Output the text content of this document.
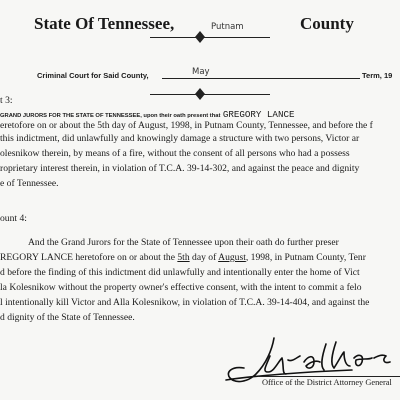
State Of Tennessee,	Putnam	County
May
Criminal Court for Said County,	Term, 19
t 3:
GRAND JURORS FOR THE STATE OF TENNESSEE, upon their oath present that GREGORY LANCE
eretofore on or about the 5th day of August, 1998, in Putnam County, Tennessee, and before the f
this indictment, did unlawfully and knowingly damage a structure with two persons, Victor ar
olesnikow therein, by means of a fire, without the consent of all persons who had a possess
roprietary interest therein, in violation of T.C.A. 39-14-302, and against the peace and dignity
e of Tennessee.
ount 4:
And the Grand Jurors for the State of Tennessee upon their oath do further preser
REGORY LANCE heretofore on or about the 5th day of August, 1998, in Putnam County, Tenr
d before the finding of this indictment did unlawfully and intentionally enter the home of Vict
la Kolesnikow without the property owner's effective consent, with the intent to commit a felo
l intentionally kill Victor and Alla Kolesnikow, in violation of T.C.A. 39-14-404, and against the
d dignity of the State of Tennessee.
Office of the District Attorney General
